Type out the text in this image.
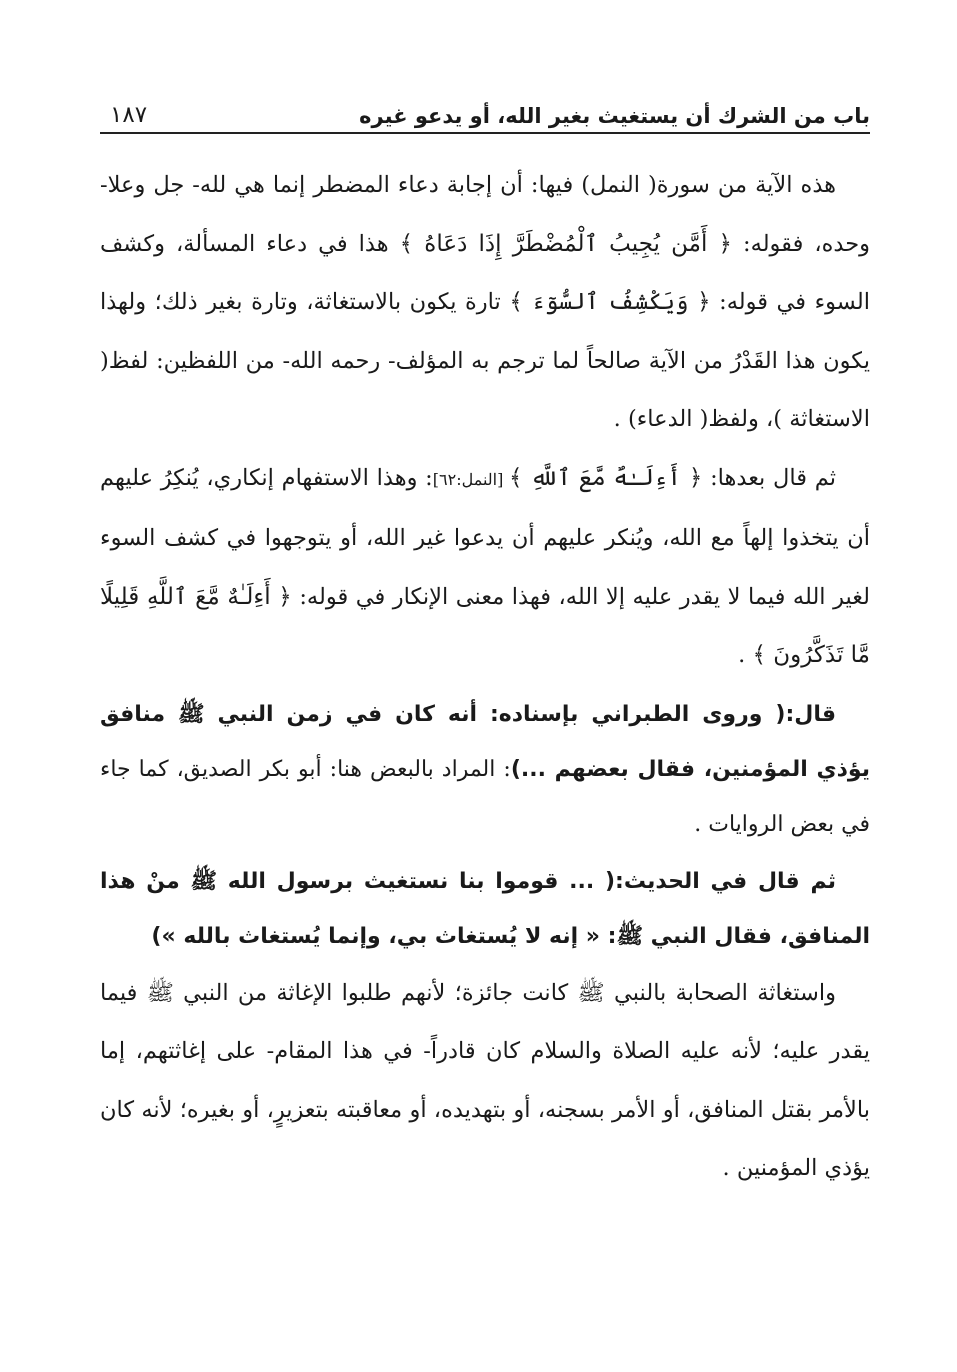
باب من الشرك أن يستغيث بغير الله، أو يدعو غيره
١٨٧

هذه الآية من سورة( النمل) فيها: أن إجابة دعاء المضطر إنما هي لله- جل وعلا- وحده، فقوله: ﴿ أَمَّن يُجِيبُ ٱلْمُضْطَرَّ إِذَا دَعَاهُ ﴾ هذا في دعاء المسألة، وكشف السوء في قوله: ﴿ وَيَكْشِفُ ٱلسُّوٓءَ ﴾ تارة يكون بالاستغاثة، وتارة بغير ذلك؛ ولهذا يكون هذا القَدْرُ من الآية صالحاً لما ترجم به المؤلف- رحمه الله- من اللفظين: لفظ( الاستغاثة )، ولفظ( الدعاء) .

ثم قال بعدها: ﴿ أَءِلَـٰهٌ مَّعَ ٱللَّهِ ﴾ [النمل:٦٢]: وهذا الاستفهام إنكاري، يُنكِرُ عليهم أن يتخذوا إلهاً مع الله، ويُنكر عليهم أن يدعوا غير الله، أو يتوجهوا في كشف السوء لغير الله فيما لا يقدر عليه إلا الله، فهذا معنى الإنكار في قوله: ﴿ أَءِلَـٰهٌ مَّعَ ٱللَّهِ قَلِيلًا مَّا تَذَكَّرُونَ ﴾ .

قال:( وروى الطبراني بإسناده: أنه كان في زمن النبي ﷺ منافق يؤذي المؤمنين، فقال بعضهم ...): المراد بالبعض هنا: أبو بكر الصديق، كما جاء في بعض الروايات .

ثم قال في الحديث:( ... قوموا بنا نستغيث برسول الله ﷺ منْ هذا المنافق، فقال النبي ﷺ: « إنه لا يُستغاث بي، وإنما يُستغاث بالله »)

واستغاثة الصحابة بالنبي ﷺ كانت جائزة؛ لأنهم طلبوا الإغاثة من النبي ﷺ فيما يقدر عليه؛ لأنه عليه الصلاة والسلام كان قادراً- في هذا المقام- على إغاثتهم، إما بالأمر بقتل المنافق، أو الأمر بسجنه، أو بتهديده، أو معاقبته بتعزيرٍ، أو بغيره؛ لأنه كان يؤذي المؤمنين .
